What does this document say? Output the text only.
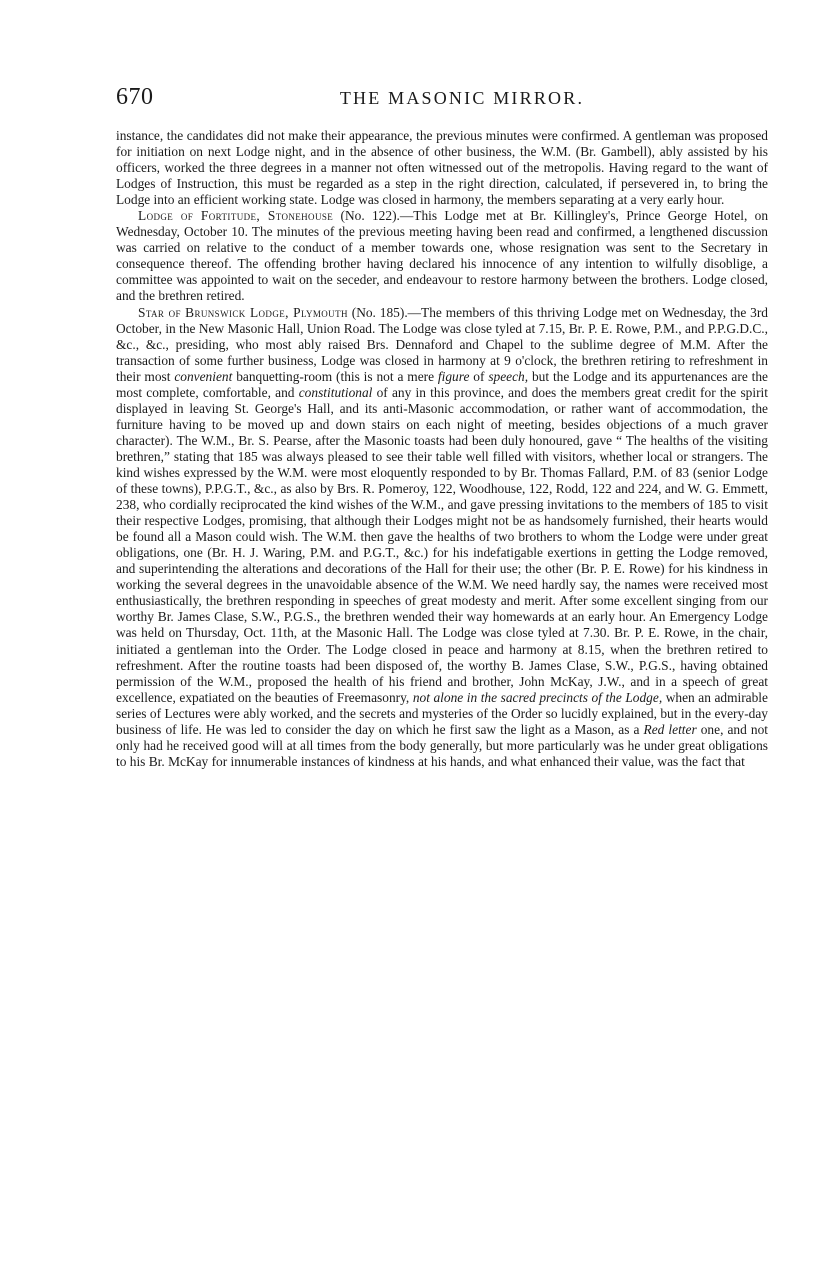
670	THE MASONIC MIRROR.

instance, the candidates did not make their appearance, the previous minutes were confirmed. A gentleman was proposed for initiation on next Lodge night, and in the absence of other business, the W.M. (Br. Gambell), ably assisted by his officers, worked the three degrees in a manner not often witnessed out of the metropolis. Having regard to the want of Lodges of Instruction, this must be regarded as a step in the right direction, calculated, if persevered in, to bring the Lodge into an efficient working state. Lodge was closed in harmony, the members separating at a very early hour.

Lodge of Fortitude, Stonehouse (No. 122).—This Lodge met at Br. Killingley's, Prince George Hotel, on Wednesday, October 10. The minutes of the previous meeting having been read and confirmed, a lengthened discussion was carried on relative to the conduct of a member towards one, whose resignation was sent to the Secretary in consequence thereof. The offending brother having declared his innocence of any intention to wilfully disoblige, a committee was appointed to wait on the seceder, and endeavour to restore harmony between the brothers. Lodge closed, and the brethren retired.

Star of Brunswick Lodge, Plymouth (No. 185).—The members of this thriving Lodge met on Wednesday, the 3rd October, in the New Masonic Hall, Union Road. The Lodge was close tyled at 7.15, Br. P. E. Rowe, P.M., and P.P.G.D.C., &c., &c., presiding, who most ably raised Brs. Dennaford and Chapel to the sublime degree of M.M. After the transaction of some further business, Lodge was closed in harmony at 9 o'clock, the brethren retiring to refreshment in their most convenient banquetting-room (this is not a mere figure of speech, but the Lodge and its appurtenances are the most complete, comfortable, and constitutional of any in this province, and does the members great credit for the spirit displayed in leaving St. George's Hall, and its anti-Masonic accommodation, or rather want of accommodation, the furniture having to be moved up and down stairs on each night of meeting, besides objections of a much graver character). The W.M., Br. S. Pearse, after the Masonic toasts had been duly honoured, gave “ The healths of the visiting brethren,” stating that 185 was always pleased to see their table well filled with visitors, whether local or strangers. The kind wishes expressed by the W.M. were most eloquently responded to by Br. Thomas Fallard, P.M. of 83 (senior Lodge of these towns), P.P.G.T., &c., as also by Brs. R. Pomeroy, 122, Woodhouse, 122, Rodd, 122 and 224, and W. G. Emmett, 238, who cordially reciprocated the kind wishes of the W.M., and gave pressing invitations to the members of 185 to visit their respective Lodges, promising, that although their Lodges might not be as handsomely furnished, their hearts would be found all a Mason could wish. The W.M. then gave the healths of two brothers to whom the Lodge were under great obligations, one (Br. H. J. Waring, P.M. and P.G.T., &c.) for his indefatigable exertions in getting the Lodge removed, and superintending the alterations and decorations of the Hall for their use; the other (Br. P. E. Rowe) for his kindness in working the several degrees in the unavoidable absence of the W.M. We need hardly say, the names were received most enthusiastically, the brethren responding in speeches of great modesty and merit. After some excellent singing from our worthy Br. James Clase, S.W., P.G.S., the brethren wended their way homewards at an early hour. An Emergency Lodge was held on Thursday, Oct. 11th, at the Masonic Hall. The Lodge was close tyled at 7.30. Br. P. E. Rowe, in the chair, initiated a gentleman into the Order. The Lodge closed in peace and harmony at 8.15, when the brethren retired to refreshment. After the routine toasts had been disposed of, the worthy B. James Clase, S.W., P.G.S., having obtained permission of the W.M., proposed the health of his friend and brother, John McKay, J.W., and in a speech of great excellence, expatiated on the beauties of Freemasonry, not alone in the sacred precincts of the Lodge, when an admirable series of Lectures were ably worked, and the secrets and mysteries of the Order so lucidly explained, but in the every-day business of life. He was led to consider the day on which he first saw the light as a Mason, as a Red letter one, and not only had he received good will at all times from the body generally, but more particularly was he under great obligations to his Br. McKay for innumerable instances of kindness at his hands, and what enhanced their value, was the fact that
